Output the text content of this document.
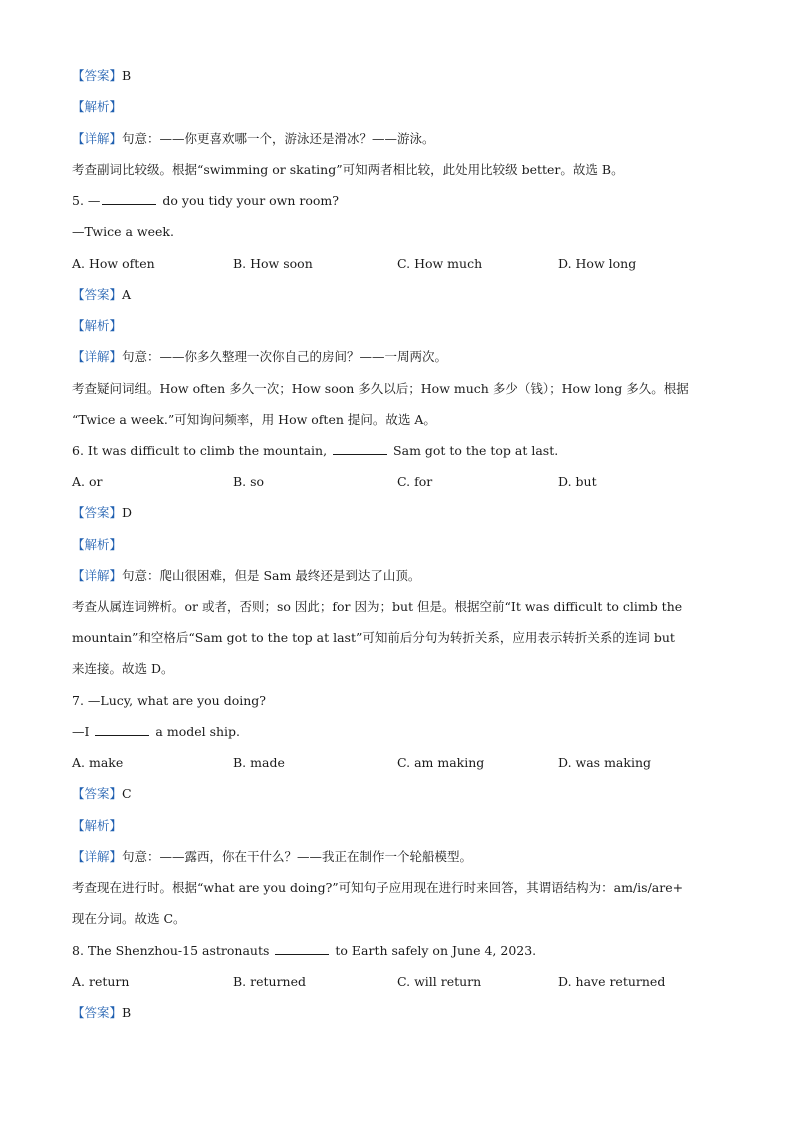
【答案】B
【解析】
【详解】句意：——你更喜欢哪一个，游泳还是滑冰？——游泳。
考查副词比较级。根据“swimming or skating”可知两者相比较，此处用比较级 better。故选 B。
5. —	do you tidy your own room?
—Twice a week.
A. How often	B. How soon	C. How much	D. How long
【答案】A
【解析】
【详解】句意：——你多久整理一次你自己的房间？——一周两次。
考查疑问词组。How often 多久一次；How soon 多久以后；How much 多少（钱）；How long 多久。根据
“Twice a week.”可知询问频率，用 How often 提问。故选 A。
6. It was difficult to climb the mountain,	Sam got to the top at last.
A. or	B. so	C. for	D. but
【答案】D
【解析】
【详解】句意：爬山很困难，但是 Sam 最终还是到达了山顶。
考查从属连词辨析。or 或者，否则；so 因此；for 因为；but 但是。根据空前“It was difficult to climb the
mountain”和空格后“Sam got to the top at last”可知前后分句为转折关系，应用表示转折关系的连词 but
来连接。故选 D。
7. —Lucy, what are you doing?
—I	a model ship.
A. make	B. made	C. am making	D. was making
【答案】C
【解析】
【详解】句意：——露西，你在干什么？——我正在制作一个轮船模型。
考查现在进行时。根据“what are you doing?”可知句子应用现在进行时来回答，其谓语结构为：am/is/are+
现在分词。故选 C。
8. The Shenzhou-15 astronauts	to Earth safely on June 4, 2023.
A. return	B. returned	C. will return	D. have returned
【答案】B
